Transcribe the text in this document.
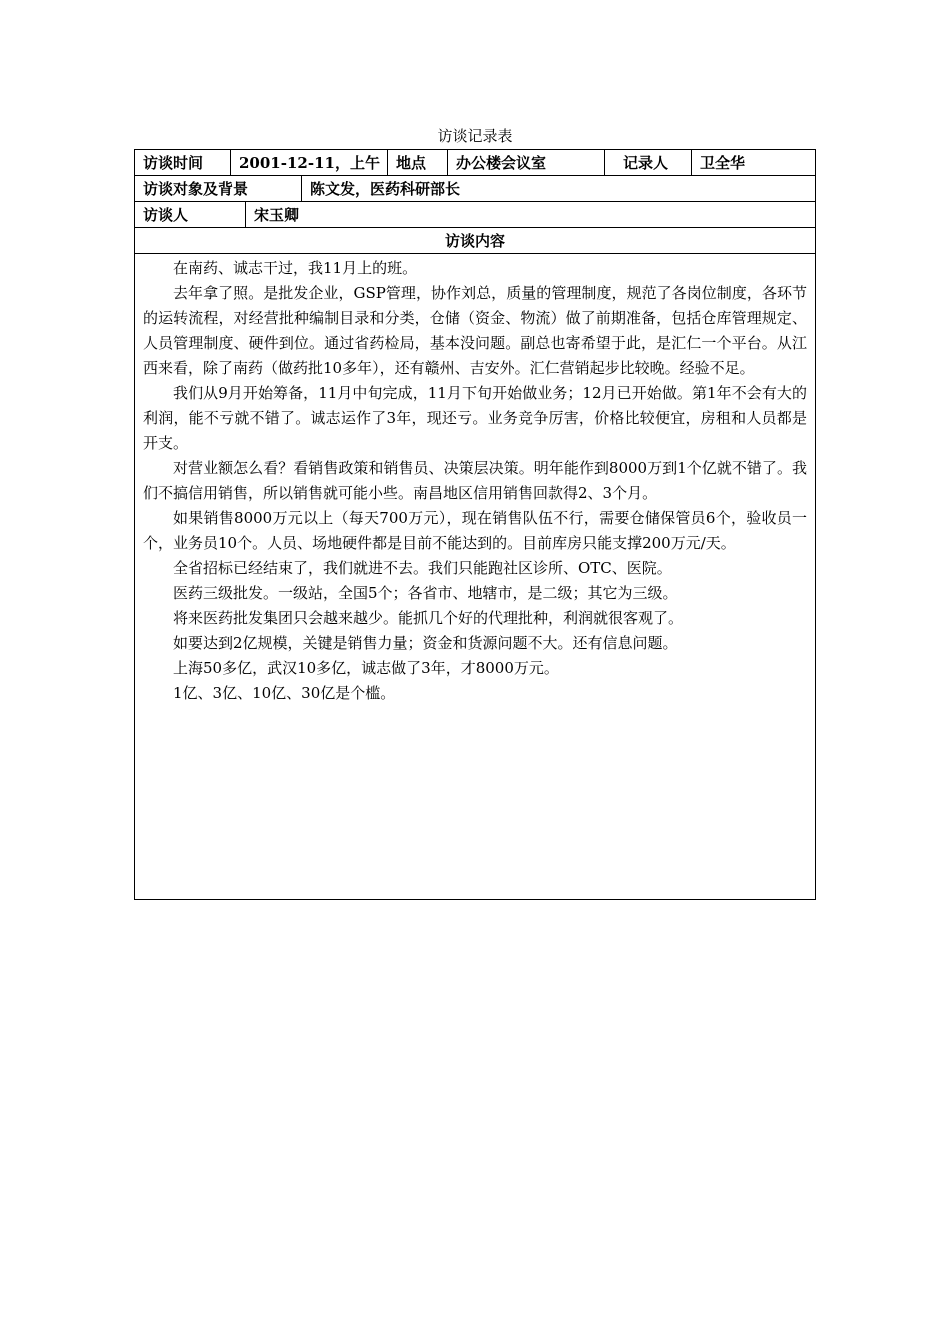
访谈记录表
访谈时间	2001-12-11，上午	地点	办公楼会议室	记录人	卫全华
访谈对象及背景	陈文发，医药科研部长
访谈人	宋玉卿
访谈内容

在南药、诚志干过，我11月上的班。

去年拿了照。是批发企业，GSP管理，协作刘总，质量的管理制度，规范了各岗位制度，各环节的运转流程，对经营批种编制目录和分类，仓储（资金、物流）做了前期准备，包括仓库管理规定、人员管理制度、硬件到位。通过省药检局，基本没问题。副总也寄希望于此，是汇仁一个平台。从江西来看，除了南药（做药批10多年），还有赣州、吉安外。汇仁营销起步比较晚。经验不足。

我们从9月开始筹备，11月中旬完成，11月下旬开始做业务；12月已开始做。第1年不会有大的利润，能不亏就不错了。诚志运作了3年，现还亏。业务竞争厉害，价格比较便宜，房租和人员都是开支。

对营业额怎么看？看销售政策和销售员、决策层决策。明年能作到8000万到1个亿就不错了。我们不搞信用销售，所以销售就可能小些。南昌地区信用销售回款得2、3个月。

如果销售8000万元以上（每天700万元），现在销售队伍不行，需要仓储保管员6个，验收员一个，业务员10个。人员、场地硬件都是目前不能达到的。目前库房只能支撑200万元/天。

全省招标已经结束了，我们就进不去。我们只能跑社区诊所、OTC、医院。

医药三级批发。一级站，全国5个；各省市、地辖市，是二级；其它为三级。

将来医药批发集团只会越来越少。能抓几个好的代理批种，利润就很客观了。

如要达到2亿规模，关键是销售力量；资金和货源问题不大。还有信息问题。

上海50多亿，武汉10多亿，诚志做了3年，才8000万元。

1亿、3亿、10亿、30亿是个槛。
